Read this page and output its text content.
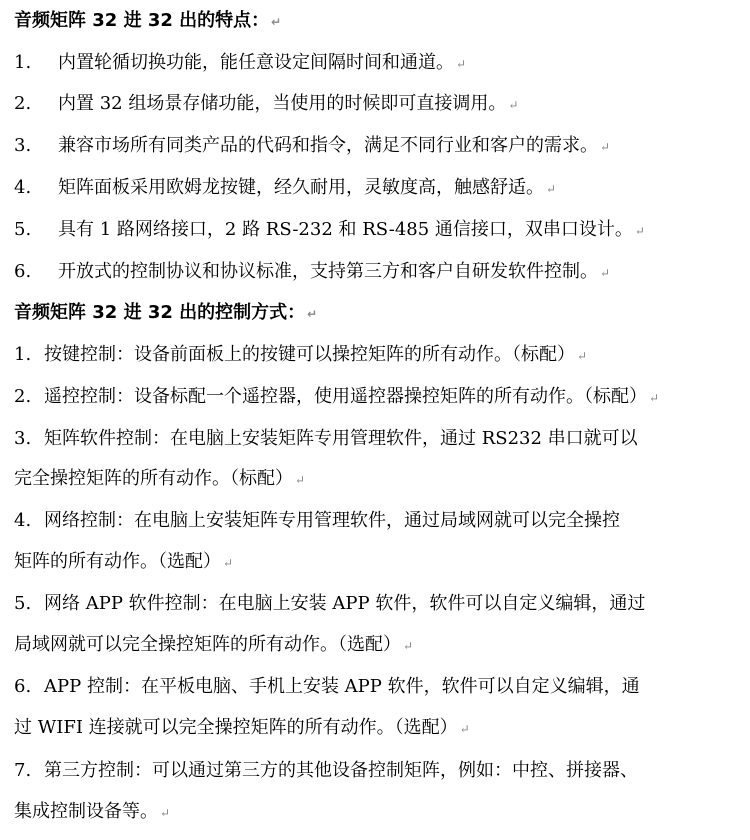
音频矩阵 32 进 32 出的特点： ↵
1. 内置轮循切换功能，能任意设定间隔时间和通道。 ↵
2. 内置 32 组场景存储功能，当使用的时候即可直接调用。 ↵
3. 兼容市场所有同类产品的代码和指令，满足不同行业和客户的需求。 ↵
4. 矩阵面板采用欧姆龙按键，经久耐用，灵敏度高，触感舒适。 ↵
5. 具有 1 路网络接口，2 路 RS-232 和 RS-485 通信接口，双串口设计。 ↵
6. 开放式的控制协议和协议标准，支持第三方和客户自研发软件控制。 ↵
音频矩阵 32 进 32 出的控制方式： ↵
1. 按键控制：设备前面板上的按键可以操控矩阵的所有动作。（标配） ↵
2. 遥控控制：设备标配一个遥控器，使用遥控器操控矩阵的所有动作。（标配） ↵
3. 矩阵软件控制：在电脑上安装矩阵专用管理软件，通过 RS232 串口就可以
完全操控矩阵的所有动作。（标配） ↵
4. 网络控制：在电脑上安装矩阵专用管理软件，通过局域网就可以完全操控
矩阵的所有动作。（选配） ↵
5. 网络 APP 软件控制：在电脑上安装 APP 软件，软件可以自定义编辑，通过
局域网就可以完全操控矩阵的所有动作。（选配） ↵
6. APP 控制：在平板电脑、手机上安装 APP 软件，软件可以自定义编辑，通
过 WIFI 连接就可以完全操控矩阵的所有动作。（选配） ↵
7. 第三方控制：可以通过第三方的其他设备控制矩阵，例如：中控、拼接器、
集成控制设备等。 ↵
